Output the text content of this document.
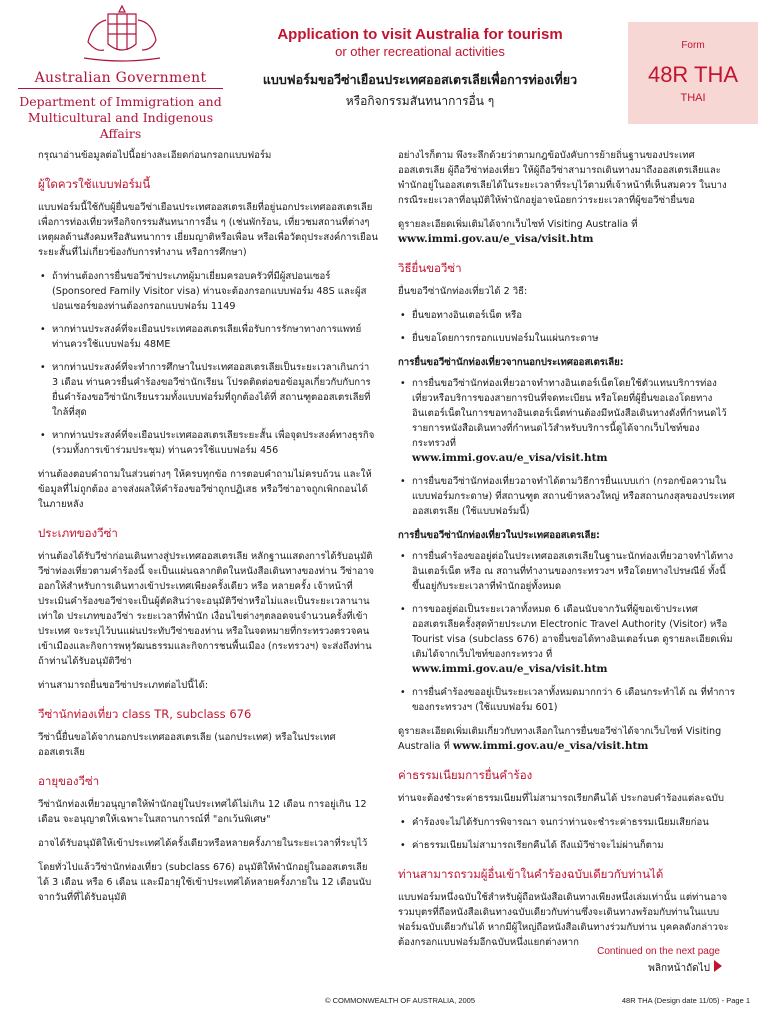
Australian Government
Department of Immigration and
Multicultural and Indigenous Affairs
Application to visit Australia for tourism
or other recreational activities
แบบฟอร์มขอวีซ่าเยือนประเทศออสเตรเลียเพื่อการท่องเที่ยว
หรือกิจกรรมสันทนาการอื่น ๆ
Form
48R THA
THAI

กรุณาอ่านข้อมูลต่อไปนี้อย่างละเอียดก่อนกรอกแบบฟอร์ม

ผู้ใดควรใช้แบบฟอร์มนี้

แบบฟอร์มนี้ใช้กับผู้ยื่นขอวีซ่าเยือนประเทศออสเตรเลียที่อยู่นอกประเทศออสเตรเลียเพื่อการท่องเที่ยวหรือกิจกรรมสันทนาการอื่น ๆ (เช่นพักร้อน, เที่ยวชมสถานที่ต่างๆ เหตุผลด้านสังคมหรือสันทนาการ เยี่ยมญาติหรือเพื่อน หรือเพื่อวัตถุประสงค์การเยือนระยะสั้นที่ไม่เกี่ยวข้องกับการทำงาน หรือการศึกษา)

• ถ้าท่านต้องการยื่นขอวีซ่าประเภทผู้มาเยี่ยมครอบครัวที่มีผู้สปอนเซอร์ (Sponsored Family Visitor visa) ท่านจะต้องกรอกแบบฟอร์ม 48S และผู้สปอนเซอร์ของท่านต้องกรอกแบบฟอร์ม 1149
• หากท่านประสงค์ที่จะเยือนประเทศออสเตรเลียเพื่อรับการรักษาทางการแพทย์ ท่านควรใช้แบบฟอร์ม 48ME
• หากท่านประสงค์ที่จะทำการศึกษาในประเทศออสเตรเลียเป็นระยะเวลาเกินกว่า 3 เดือน ท่านควรยื่นคำร้องขอวีซ่านักเรียน โปรดติดต่อขอข้อมูลเกี่ยวกับกับการยื่นคำร้องขอวีซ่านักเรียนรวมทั้งแบบฟอร์มที่ถูกต้องได้ที่ สถานฑูตออสเตรเลียที่ใกล้ที่สุด
• หากท่านประสงค์ที่จะเยือนประเทศออสเตรเลียระยะสั้น เพื่อจุดประสงค์ทางธุรกิจ (รวมทั้งการเข้าร่วมประชุม) ท่านควรใช้แบบฟอร์ม 456

ท่านต้องตอบคำถามในส่วนต่างๆ ให้ครบทุกข้อ การตอบคำถามไม่ครบถ้วน และให้ข้อมูลที่ไม่ถูกต้อง อาจส่งผลให้คำร้องขอวีซ่าถูกปฏิเสธ หรือวีซ่าอาจถูกเพิกถอนได้ในภายหลัง

ประเภทของวีซ่า

ท่านต้องได้รับวีซ่าก่อนเดินทางสู่ประเทศออสเตรเลีย หลักฐานแสดงการได้รับอนุมัติวีซ่าท่องเที่ยวตามคำร้องนี้ จะเป็นแผ่นฉลากติดในหนังสือเดินทางของท่าน วีซ่าอาจออกให้สำหรับการเดินทางเข้าประเทศเพียงครั้งเดียว หรือ หลายครั้ง เจ้าหน้าที่ประเมินคำร้องขอวีซ่าจะเป็นผู้ตัดสินว่าจะอนุมัติวีซ่าหรือไม่และเป็นระยะเวลานานเท่าใด ประเภทของวีซ่า ระยะเวลาที่พำนัก เงื่อนไขต่างๆตลอดจนจำนวนครั้งที่เข้าประเทศ จะระบุไว้บนแผ่นประทับวีซ่าของท่าน หรือในจดหมายที่กระทรวงตรวจคนเข้าเมืองและกิจการพหุวัฒนธรรมและกิจการชนพื้นเมือง (กระทรวงฯ) จะส่งถึงท่าน ถ้าท่านได้รับอนุมัติวีซ่า

ท่านสามารถยื่นขอวีซ่าประเภทต่อไปนี้ได้:

วีซ่านักท่องเที่ยว class TR, subclass 676

วีซ่านี้ยื่นขอได้จากนอกประเทศออสเตรเลีย (นอกประเทศ) หรือในประเทศออสเตรเลีย

อายุของวีซ่า

วีซ่านักท่องเที่ยวอนุญาตให้พำนักอยู่ในประเทศได้ไม่เกิน 12 เดือน การอยู่เกิน 12 เดือน จะอนุญาตให้เฉพาะในสถานการณ์ที่ "อกเว้นพิเศษ"

อาจได้รับอนุมัติให้เข้าประเทศได้ครั้งเดียวหรือหลายครั้งภายในระยะเวลาที่ระบุไว้

โดยทั่วไปแล้ววีซ่านักท่องเที่ยว (subclass 676) อนุมัติให้พำนักอยู่ในออสเตรเลียได้ 3 เดือน หรือ 6 เดือน และมีอายุใช้เข้าประเทศได้หลายครั้งภายใน 12 เดือนนับจากวันที่ที่ได้รับอนุมัติ

อย่างไรก็ตาม พึงระลึกด้วยว่าตามกฎข้อบังคับการย้ายถิ่นฐานของประเทศออสเตรเลีย ผู้ถือวีซ่าท่องเที่ยว ให้ผู้ถือวีซ่าสามารถเดินทางมาถึงออสเตรเลียและพำนักอยู่ในออสเตรเลียได้ในระยะเวลาที่ระบุไว้ตามที่เจ้าหน้าที่เห็นสมควร ในบางกรณีระยะเวลาที่อนุมัติให้พำนักอยู่อาจน้อยกว่าระยะเวลาที่ผู้ขอวีซ่ายื่นขอ

ดูรายละเอียดเพิ่มเติมได้จากเว็บไซท์ Visiting Australia ที่
www.immi.gov.au/e_visa/visit.htm

วิธียื่นขอวีซ่า

ยื่นขอวีซ่านักท่องเที่ยวได้ 2 วิธี:

• ยื่นขอทางอินเตอร์เน็ต หรือ
• ยื่นขอโดยการกรอกแบบฟอร์มในแผ่นกระดาษ
การยื่นขอวีซ่านักท่องเที่ยวจากนอกประเทศออสเตรเลีย:
• การยื่นขอวีซ่านักท่องเที่ยวอาจทำทางอินเตอร์เน็ตโดยใช้ตัวแทนบริการท่องเที่ยวหรือบริการของสายการบินที่จดทะเบียน หรือโดยที่ผู้ยื่นขอเองโดยทางอินเตอร์เน็ตในการขอทางอินเตอร์เน็ตท่านต้องมีหนังสือเดินทางดังที่กำหนดไว้ รายการหนังสือเดินทางที่กำหนดไว้สำหรับบริการนี้ดูได้จากเว็บไซท์ของกระทรวงที่
www.immi.gov.au/e_visa/visit.htm
• การยื่นขอวีซ่านักท่องเที่ยวอาจทำได้ตามวิธีการยื่นแบบเก่า (กรอกข้อความในแบบฟอร์มกระดาษ) ที่สถานฑูต สถานข้าหลวงใหญ่ หรือสถานกงสุลของประเทศออสเตรเลีย (ใช้แบบฟอร์มนี้)
การยื่นขอวีซ่านักท่องเที่ยวในประเทศออสเตรเลีย:
• การยื่นคำร้องขออยู่ต่อในประเทศออสเตรเลียในฐานะนักท่องเที่ยวอาจทำได้ทางอินเตอร์เน็ต หรือ ณ สถานที่ทำงานของกระทรวงฯ หรือโดยทางไปรษณีย์ ทั้งนี้ขึ้นอยู่กับระยะเวลาที่พำนักอยู่ทั้งหมด
• การขออยู่ต่อเป็นระยะเวลาทั้งหมด 6 เดือนนับจากวันที่ผู้ขอเข้าประเทศออสเตรเลียครั้งสุดท้ายประเภท Electronic Travel Authority (Visitor) หรือ Tourist visa (subclass 676) อาจยื่นขอได้ทางอินเตอร์เนต ดูรายละเอียดเพิ่มเติมได้จากเว็บไซท์ของกระทรวง ที่ www.immi.gov.au/e_visa/visit.htm
• การยื่นคำร้องขออยู่เป็นระยะเวลาทั้งหมดมากกว่า 6 เดือนกระทำได้ ณ ที่ทำการของกระทรวงฯ (ใช้แบบฟอร์ม 601)

ดูรายละเอียดเพิ่มเติมเกี่ยวกับทางเลือกในการยื่นขอวีซ่าได้จากเว็บไซท์ Visiting Australia ที่ www.immi.gov.au/e_visa/visit.htm

ค่าธรรมเนียมการยื่นคำร้อง

ท่านจะต้องชำระค่าธรรมเนียมที่ไม่สามารถเรียกคืนได้ ประกอบคำร้องแต่ละฉบับ

• คำร้องจะไม่ได้รับการพิจารณา จนกว่าท่านจะชำระค่าธรรมเนียมเสียก่อน
• ค่าธรรมเนียมไม่สามารถเรียกคืนได้ ถึงแม้วีซ่าจะไม่ผ่านก็ตาม
ท่านสามารถรวมผู้อื่นเข้าในคำร้องฉบับเดียวกับท่านได้

แบบฟอร์มหนึ่งฉบับใช้สำหรับผู้ถือหนังสือเดินทางเพียงหนึ่งเล่มเท่านั้น แต่ท่านอาจรวมบุตรที่ถือหนังสือเดินทางฉบับเดียวกับท่านซึ่งจะเดินทางพร้อมกับท่านในแบบฟอร์มฉบับเดียวกันได้ หากมีผู้ใหญ่ถือหนังสือเดินทางร่วมกับท่าน บุคคลดังกล่าวจะต้องกรอกแบบฟอร์มอีกฉบับหนึ่งแยกต่างหาก

Continued on the next page
พลิกหน้าถัดไป
© COMMONWEALTH OF AUSTRALIA, 2005	48R THA (Design date 11/05) - Page 1
